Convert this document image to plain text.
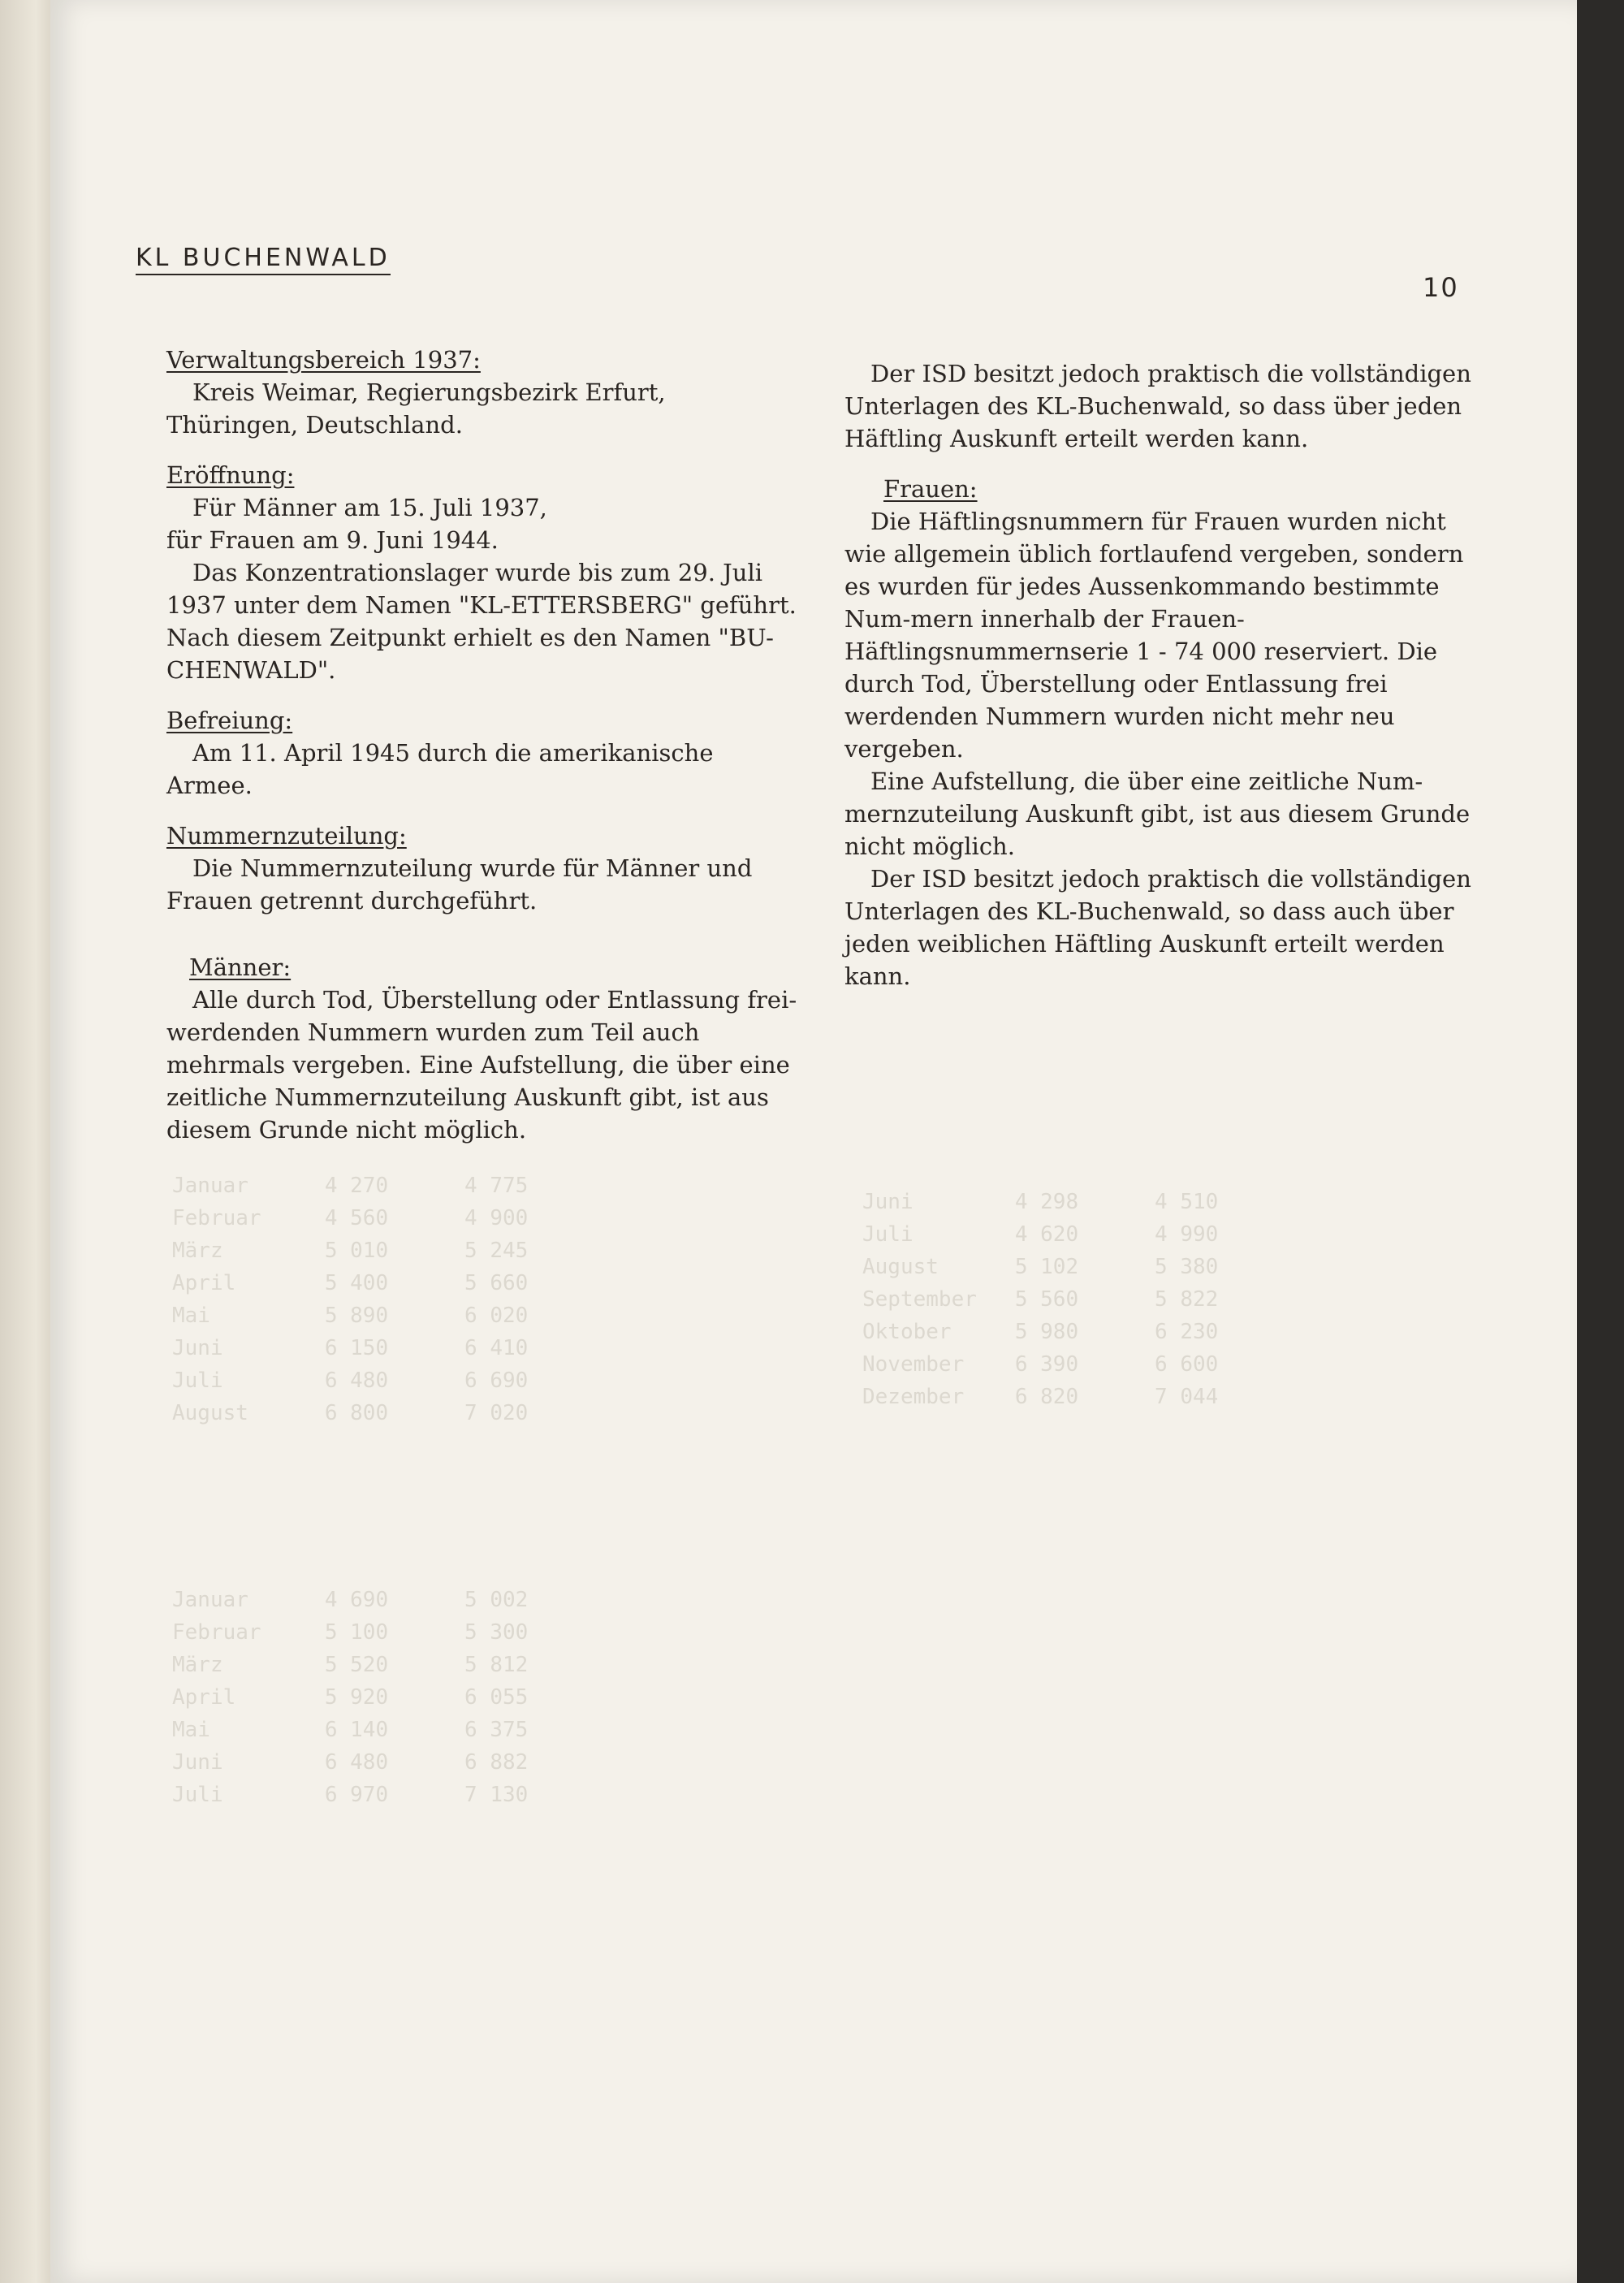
Januar      4 270      4 775
Februar     4 560      4 900
März        5 010      5 245
April       5 400      5 660
Mai         5 890      6 020
Juni        6 150      6 410
Juli        6 480      6 690
August      6 800      7 020
Januar      4 690      5 002
Februar     5 100      5 300
März        5 520      5 812
April       5 920      6 055
Mai         6 140      6 375
Juni        6 480      6 882
Juli        6 970      7 130
Juni        4 298      4 510
Juli        4 620      4 990
August      5 102      5 380
September   5 560      5 822
Oktober     5 980      6 230
November    6 390      6 600
Dezember    6 820      7 044
KL BUCHENWALD
10
Verwaltungsbereich 1937:

Kreis Weimar, Regierungsbezirk Erfurt, Thüringen, Deutschland.

Eröffnung:

Für Männer am 15. Juli 1937,

für Frauen am 9. Juni 1944.

Das Konzentrationslager wurde bis zum 29. Juli 1937 unter dem Namen "KL-ETTERSBERG" geführt. Nach diesem Zeitpunkt erhielt es den Namen "BU-CHENWALD".

Befreiung:

Am 11. April 1945 durch die amerikanische Armee.

Nummernzuteilung:

Die Nummernzuteilung wurde für Männer und Frauen getrennt durchgeführt.

Männer:

Alle durch Tod, Überstellung oder Entlassung frei-werdenden Nummern wurden zum Teil auch mehrmals vergeben. Eine Aufstellung, die über eine zeitliche Nummernzuteilung Auskunft gibt, ist aus diesem Grunde nicht möglich.

Der ISD besitzt jedoch praktisch die vollständigen Unterlagen des KL-Buchenwald, so dass über jeden Häftling Auskunft erteilt werden kann.

Frauen:

Die Häftlingsnummern für Frauen wurden nicht wie allgemein üblich fortlaufend vergeben, sondern es wurden für jedes Aussenkommando bestimmte Num-mern innerhalb der Frauen-Häftlingsnummernserie 1 - 74 000 reserviert. Die durch Tod, Überstellung oder Entlassung frei werdenden Nummern wurden nicht mehr neu vergeben.

Eine Aufstellung, die über eine zeitliche Num-mernzuteilung Auskunft gibt, ist aus diesem Grunde nicht möglich.

Der ISD besitzt jedoch praktisch die vollständigen Unterlagen des KL-Buchenwald, so dass auch über jeden weiblichen Häftling Auskunft erteilt werden kann.
